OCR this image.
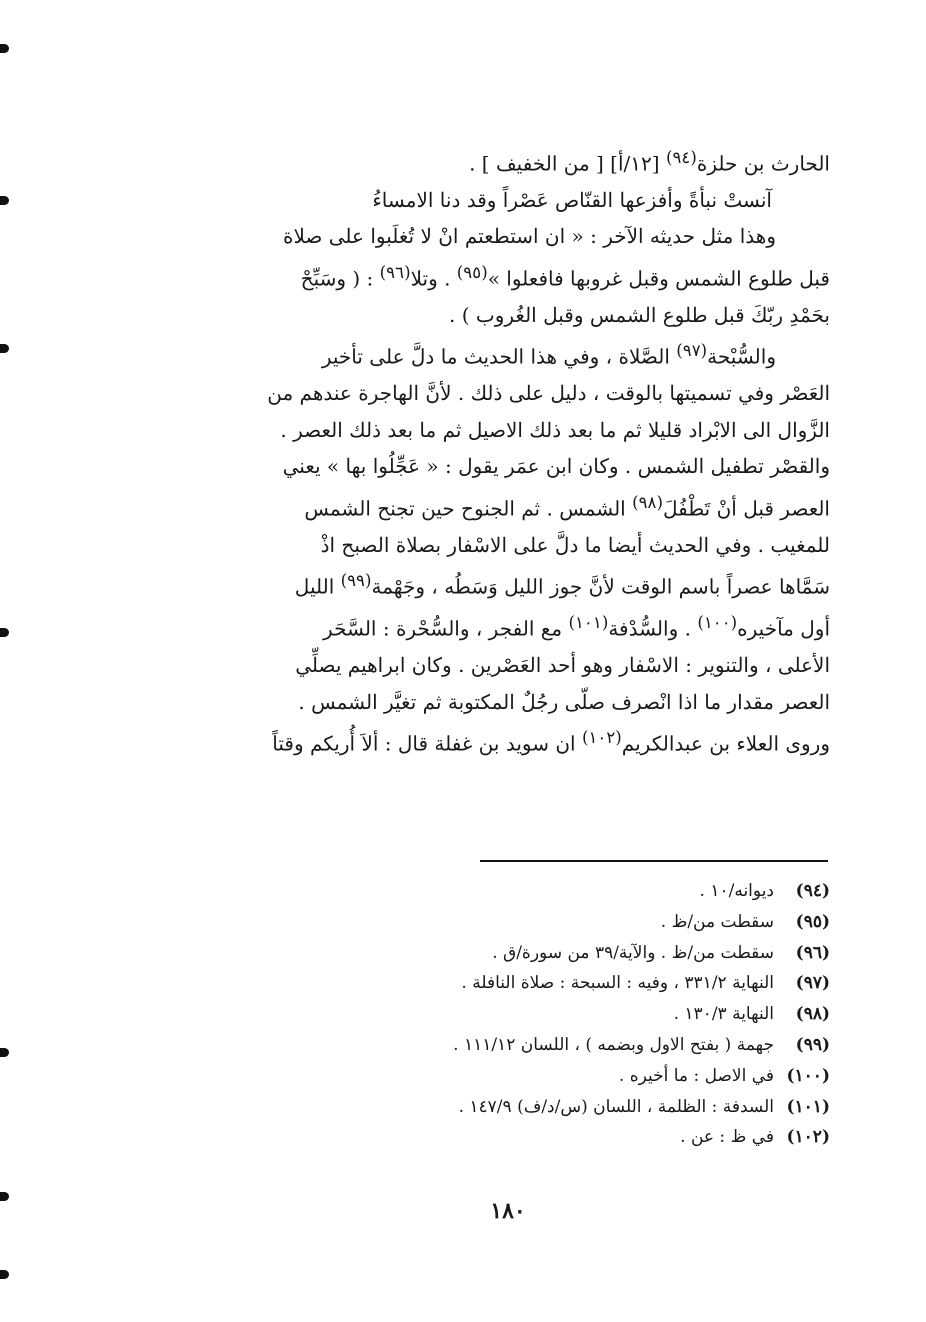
الحارث بن حلزة$^{(٩٤)}$ [١٢/أ] [ من الخفيف ] .

آنستْ نبأةً وأفزعها القنّاص عَصْراً وقد دنا الامساءُ

وهذا مثل حديثه الآخر : « ان استطعتم انْ لا تُغلَبوا على صلاة

قبل طلوع الشمس وقبل غروبها فافعلوا »$^{(٩٥)}$ . وتلا$^{(٩٦)}$ : ( وسَبِّحْ

بحَمْدِ ربّكَ قبل طلوع الشمس وقبل الغُروب ) .

والسُّبْحة$^{(٩٧)}$ الصَّلاة ، وفي هذا الحديث ما دلَّ على تأخير

العَصْر وفي تسميتها بالوقت ، دليل على ذلك . لأنَّ الهاجرة عندهم من

الزَّوال الى الابْراد قليلا ثم ما بعد ذلك الاصيل ثم ما بعد ذلك العصر .

والقصْر تطفيل الشمس . وكان ابن عمَر يقول : « عَجِّلُوا بها » يعني

العصر قبل أنْ تَطْفُلَ$^{(٩٨)}$ الشمس . ثم الجنوح حين تجنح الشمس

للمغيب . وفي الحديث أيضا ما دلَّ على الاسْفار بصلاة الصبح اذْ

سَمَّاها عصراً باسم الوقت لأنَّ جوز الليل وَسَطُه ، وجَهْمة$^{(٩٩)}$ الليل

أول مآخيره$^{(١٠٠)}$ . والسُّدْفة$^{(١٠١)}$ مع الفجر ، والسُّحْرة : السَّحَر

الأعلى ، والتنوير : الاسْفار وهو أحد العَصْرين . وكان ابراهيم يصلِّي

العصر مقدار ما اذا انْصرف صلّى رجُلٌ المكتوبة ثم تغيَّر الشمس .

وروى العلاء بن عبدالكريم$^{(١٠٢)}$ ان سويد بن غفلة قال : ألاَ أُريكم وقتاً

(٩٤)
ديوانه/١٠ .
(٩٥)
سقطت من/ظ .
(٩٦)
سقطت من/ظ . والآية/٣٩ من سورة/ق .
(٩٧)
النهاية ٣٣١/٢ ، وفيه : السبحة : صلاة النافلة .
(٩٨)
النهاية ١٣٠/٣ .
(٩٩)
جهمة ( بفتح الاول وبضمه ) ، اللسان ١١١/١٢ .
(١٠٠)
في الاصل : ما أخيره .
(١٠١)
السدفة : الظلمة ، اللسان (س/د/ف) ١٤٧/٩ .
(١٠٢)
في ظ : عن .
١٨٠
